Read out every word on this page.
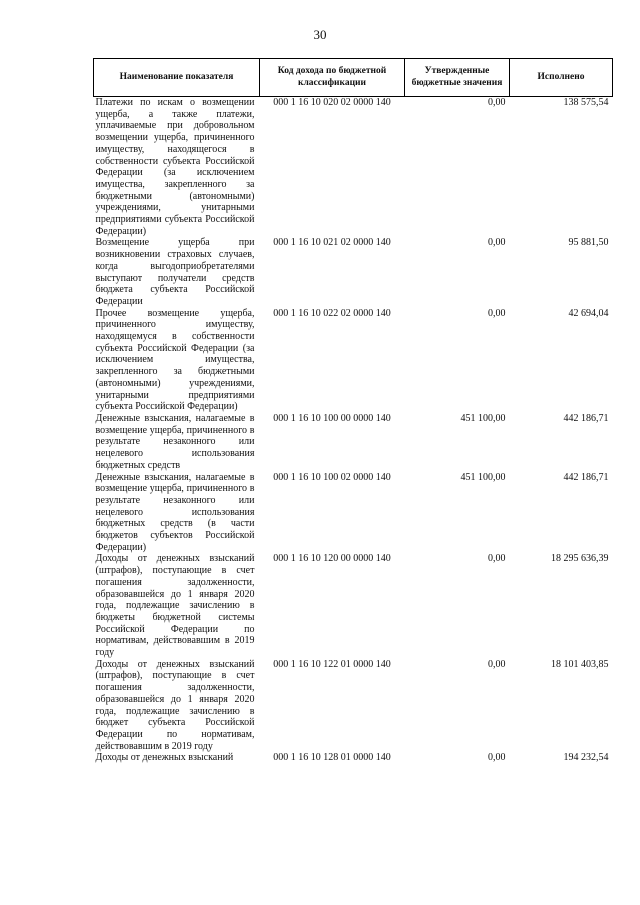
30
Наименование показателя	Код дохода по бюджетной классификации	Утвержденные бюджетные значения	Исполнено
Платежи по искам о возмещении ущерба, а также платежи, уплачиваемые при добровольном возмещении ущерба, причиненного имуществу, находящегося в собственности субъекта Российской Федерации (за исключением имущества, закрепленного за бюджетными (автономными) учреждениями, унитарными предприятиями субъекта Российской Федерации)	000 1 16 10 020 02 0000 140	0,00	138 575,54
Возмещение ущерба при возникновении страховых случаев, когда выгодоприобретателями выступают получатели средств бюджета субъекта Российской Федерации	000 1 16 10 021 02 0000 140	0,00	95 881,50
Прочее возмещение ущерба, причиненного имуществу, находящемуся в собственности субъекта Российской Федерации (за исключением имущества, закрепленного за бюджетными (автономными) учреждениями, унитарными предприятиями субъекта Российской Федерации)	000 1 16 10 022 02 0000 140	0,00	42 694,04
Денежные взыскания, налагаемые в возмещение ущерба, причиненного в результате незаконного или нецелевого использования бюджетных средств	000 1 16 10 100 00 0000 140	451 100,00	442 186,71
Денежные взыскания, налагаемые в возмещение ущерба, причиненного в результате незаконного или нецелевого использования бюджетных средств (в части бюджетов субъектов Российской Федерации)	000 1 16 10 100 02 0000 140	451 100,00	442 186,71
Доходы от денежных взысканий (штрафов), поступающие в счет погашения задолженности, образовавшейся до 1 января 2020 года, подлежащие зачислению в бюджеты бюджетной системы Российской Федерации по нормативам, действовавшим в 2019 году	000 1 16 10 120 00 0000 140	0,00	18 295 636,39
Доходы от денежных взысканий (штрафов), поступающие в счет погашения задолженности, образовавшейся до 1 января 2020 года, подлежащие зачислению в бюджет субъекта Российской Федерации по нормативам, действовавшим в 2019 году	000 1 16 10 122 01 0000 140	0,00	18 101 403,85
Доходы от денежных взысканий	000 1 16 10 128 01 0000 140	0,00	194 232,54
